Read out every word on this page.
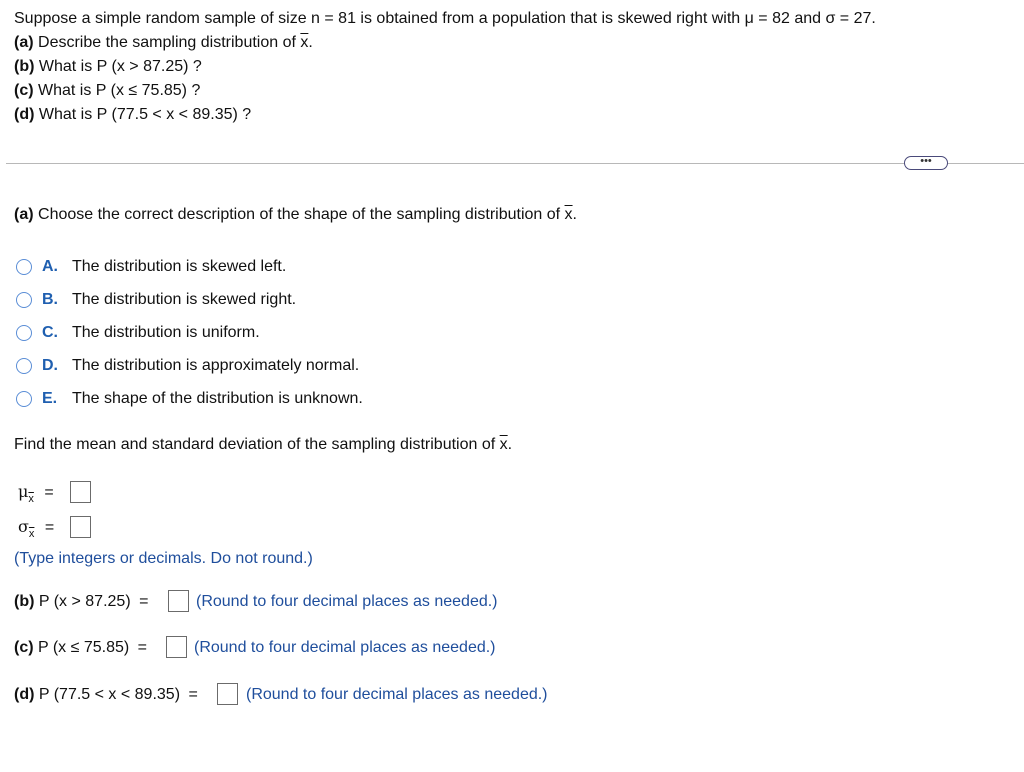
Suppose a simple random sample of size n = 81 is obtained from a population that is skewed right with μ = 82 and σ = 27.
(a) Describe the sampling distribution of $\overline{x}$.
(b) What is P (x > 87.25) ?
(c) What is P (x ≤ 75.85) ?
(d) What is P (77.5 < x < 89.35) ?
•••
(a) Choose the correct description of the shape of the sampling distribution of $\overline{x}$.
A. The distribution is skewed left.
B. The distribution is skewed right.
C. The distribution is uniform.
D. The distribution is approximately normal.
E. The shape of the distribution is unknown.
Find the mean and standard deviation of the sampling distribution of $\overline{x}$.
$\mu_{\overline{x}}$ =
$\sigma_{\overline{x}}$ =
(Type integers or decimals. Do not round.)
(b) P (x > 87.25) =	(Round to four decimal places as needed.)
(c) P (x ≤ 75.85) =	(Round to four decimal places as needed.)
(d) P (77.5 < x < 89.35) =	(Round to four decimal places as needed.)
